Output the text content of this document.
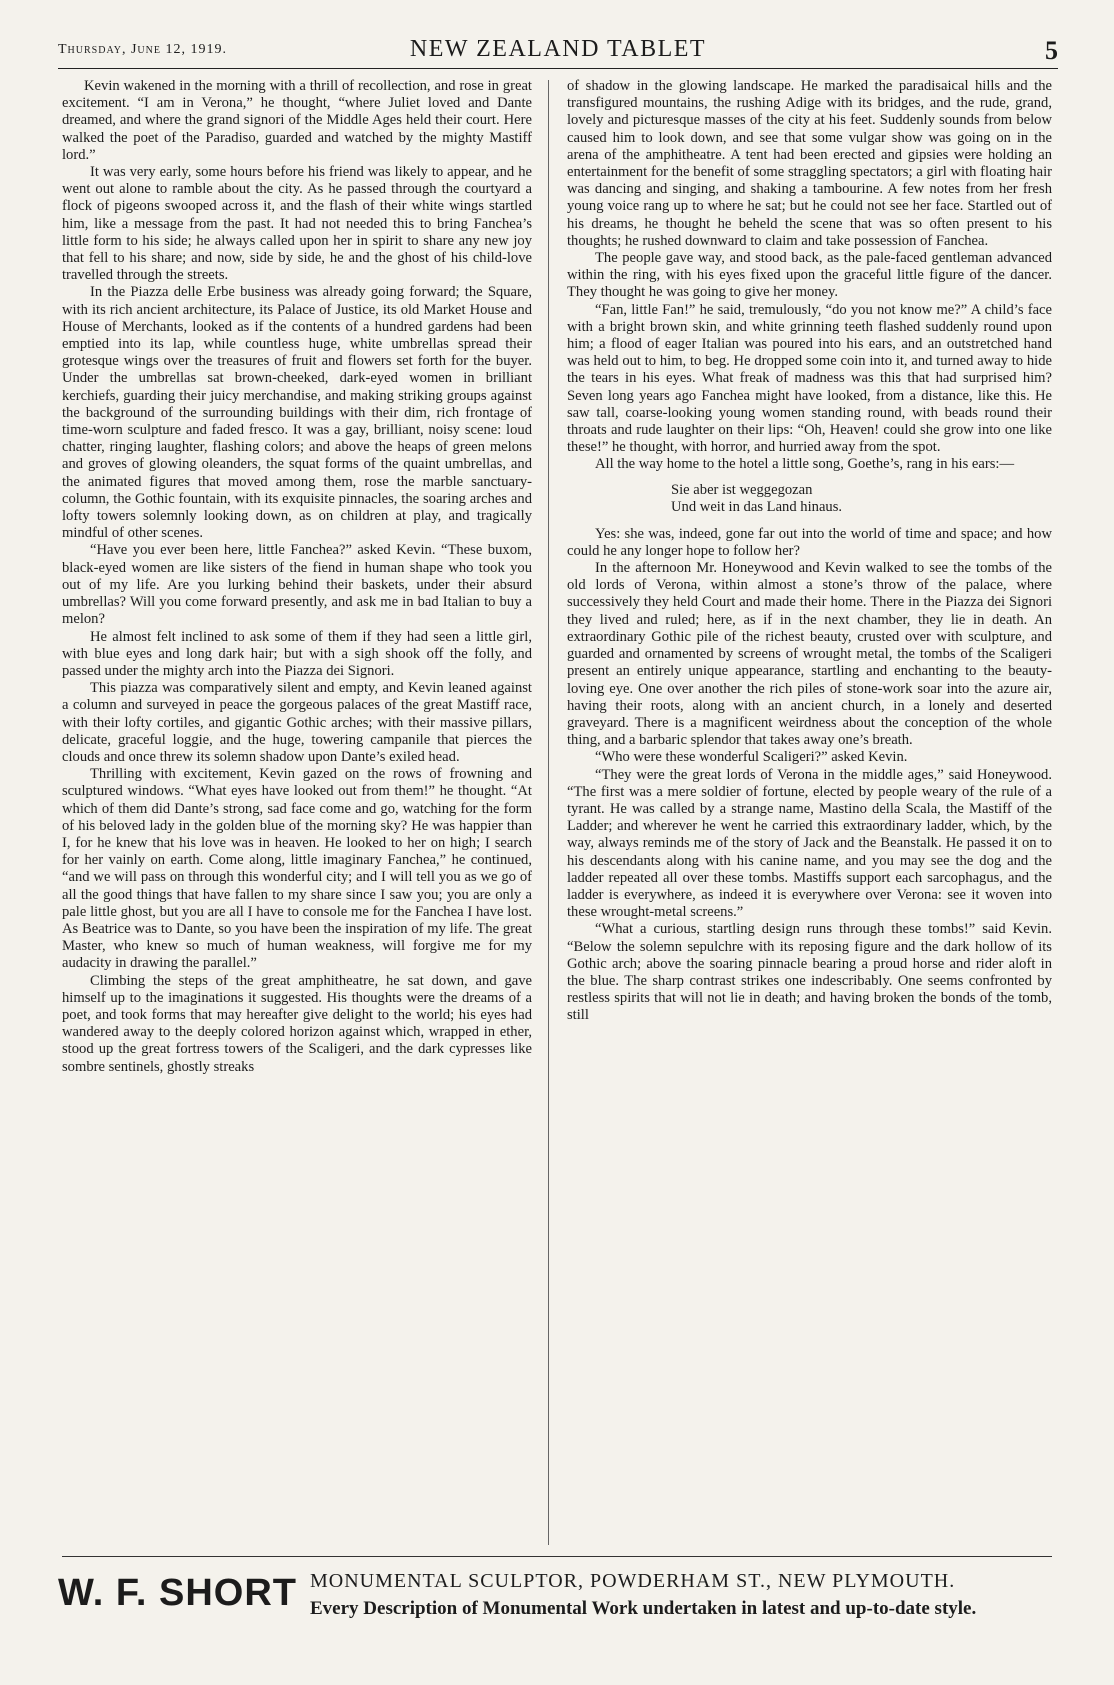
Thursday, June 12, 1919.	NEW ZEALAND TABLET	5

Kevin wakened in the morning with a thrill of recollection, and rose in great excitement. “I am in Verona,” he thought, “where Juliet loved and Dante dreamed, and where the grand signori of the Middle Ages held their court. Here walked the poet of the Paradiso, guarded and watched by the mighty Mastiff lord.”

It was very early, some hours before his friend was likely to appear, and he went out alone to ramble about the city. As he passed through the courtyard a flock of pigeons swooped across it, and the flash of their white wings startled him, like a message from the past. It had not needed this to bring Fanchea’s little form to his side; he always called upon her in spirit to share any new joy that fell to his share; and now, side by side, he and the ghost of his child-love travelled through the streets.

In the Piazza delle Erbe business was already going forward; the Square, with its rich ancient architecture, its Palace of Justice, its old Market House and House of Merchants, looked as if the contents of a hundred gardens had been emptied into its lap, while countless huge, white umbrellas spread their grotesque wings over the treasures of fruit and flowers set forth for the buyer. Under the umbrellas sat brown-cheeked, dark-eyed women in brilliant kerchiefs, guarding their juicy merchandise, and making striking groups against the background of the surrounding buildings with their dim, rich frontage of time-worn sculpture and faded fresco. It was a gay, brilliant, noisy scene: loud chatter, ringing laughter, flashing colors; and above the heaps of green melons and groves of glowing oleanders, the squat forms of the quaint umbrellas, and the animated figures that moved among them, rose the marble sanctuary-column, the Gothic fountain, with its exquisite pinnacles, the soaring arches and lofty towers solemnly looking down, as on children at play, and tragically mindful of other scenes.

“Have you ever been here, little Fanchea?” asked Kevin. “These buxom, black-eyed women are like sisters of the fiend in human shape who took you out of my life. Are you lurking behind their baskets, under their absurd umbrellas? Will you come forward presently, and ask me in bad Italian to buy a melon?

He almost felt inclined to ask some of them if they had seen a little girl, with blue eyes and long dark hair; but with a sigh shook off the folly, and passed under the mighty arch into the Piazza dei Signori.

This piazza was comparatively silent and empty, and Kevin leaned against a column and surveyed in peace the gorgeous palaces of the great Mastiff race, with their lofty cortiles, and gigantic Gothic arches; with their massive pillars, delicate, graceful loggie, and the huge, towering campanile that pierces the clouds and once threw its solemn shadow upon Dante’s exiled head.

Thrilling with excitement, Kevin gazed on the rows of frowning and sculptured windows. “What eyes have looked out from them!” he thought. “At which of them did Dante’s strong, sad face come and go, watching for the form of his beloved lady in the golden blue of the morning sky? He was happier than I, for he knew that his love was in heaven. He looked to her on high; I search for her vainly on earth. Come along, little imaginary Fanchea,” he continued, “and we will pass on through this wonderful city; and I will tell you as we go of all the good things that have fallen to my share since I saw you; you are only a pale little ghost, but you are all I have to console me for the Fanchea I have lost. As Beatrice was to Dante, so you have been the inspiration of my life. The great Master, who knew so much of human weakness, will forgive me for my audacity in drawing the parallel.”

Climbing the steps of the great amphitheatre, he sat down, and gave himself up to the imaginations it suggested. His thoughts were the dreams of a poet, and took forms that may hereafter give delight to the world; his eyes had wandered away to the deeply colored horizon against which, wrapped in ether, stood up the great fortress towers of the Scaligeri, and the dark cypresses like sombre sentinels, ghostly streaks

of shadow in the glowing landscape. He marked the paradisaical hills and the transfigured mountains, the rushing Adige with its bridges, and the rude, grand, lovely and picturesque masses of the city at his feet. Suddenly sounds from below caused him to look down, and see that some vulgar show was going on in the arena of the amphitheatre. A tent had been erected and gipsies were holding an entertainment for the benefit of some straggling spectators; a girl with floating hair was dancing and singing, and shaking a tambourine. A few notes from her fresh young voice rang up to where he sat; but he could not see her face. Startled out of his dreams, he thought he beheld the scene that was so often present to his thoughts; he rushed downward to claim and take possession of Fanchea.

The people gave way, and stood back, as the pale-faced gentleman advanced within the ring, with his eyes fixed upon the graceful little figure of the dancer. They thought he was going to give her money.

“Fan, little Fan!” he said, tremulously, “do you not know me?” A child’s face with a bright brown skin, and white grinning teeth flashed suddenly round upon him; a flood of eager Italian was poured into his ears, and an outstretched hand was held out to him, to beg. He dropped some coin into it, and turned away to hide the tears in his eyes. What freak of madness was this that had surprised him? Seven long years ago Fanchea might have looked, from a distance, like this. He saw tall, coarse-looking young women standing round, with beads round their throats and rude laughter on their lips: “Oh, Heaven! could she grow into one like these!” he thought, with horror, and hurried away from the spot.

All the way home to the hotel a little song, Goethe’s, rang in his ears:—

Sie aber ist weggegozan
Und weit in das Land hinaus.

Yes: she was, indeed, gone far out into the world of time and space; and how could he any longer hope to follow her?

In the afternoon Mr. Honeywood and Kevin walked to see the tombs of the old lords of Verona, within almost a stone’s throw of the palace, where successively they held Court and made their home. There in the Piazza dei Signori they lived and ruled; here, as if in the next chamber, they lie in death. An extraordinary Gothic pile of the richest beauty, crusted over with sculpture, and guarded and ornamented by screens of wrought metal, the tombs of the Scaligeri present an entirely unique appearance, startling and enchanting to the beauty-loving eye. One over another the rich piles of stone-work soar into the azure air, having their roots, along with an ancient church, in a lonely and deserted graveyard. There is a magnificent weirdness about the conception of the whole thing, and a barbaric splendor that takes away one’s breath.

“Who were these wonderful Scaligeri?” asked Kevin.

“They were the great lords of Verona in the middle ages,” said Honeywood. “The first was a mere soldier of fortune, elected by people weary of the rule of a tyrant. He was called by a strange name, Mastino della Scala, the Mastiff of the Ladder; and wherever he went he carried this extraordinary ladder, which, by the way, always reminds me of the story of Jack and the Beanstalk. He passed it on to his descendants along with his canine name, and you may see the dog and the ladder repeated all over these tombs. Mastiffs support each sarcophagus, and the ladder is everywhere, as indeed it is everywhere over Verona: see it woven into these wrought-metal screens.”

“What a curious, startling design runs through these tombs!” said Kevin. “Below the solemn sepulchre with its reposing figure and the dark hollow of its Gothic arch; above the soaring pinnacle bearing a proud horse and rider aloft in the blue. The sharp contrast strikes one indescribably. One seems confronted by restless spirits that will not lie in death; and having broken the bonds of the tomb, still

W. F. SHORT MONUMENTAL SCULPTOR, POWDERHAM ST., NEW PLYMOUTH.
Every Description of Monumental Work undertaken in latest and up-to-date style.
